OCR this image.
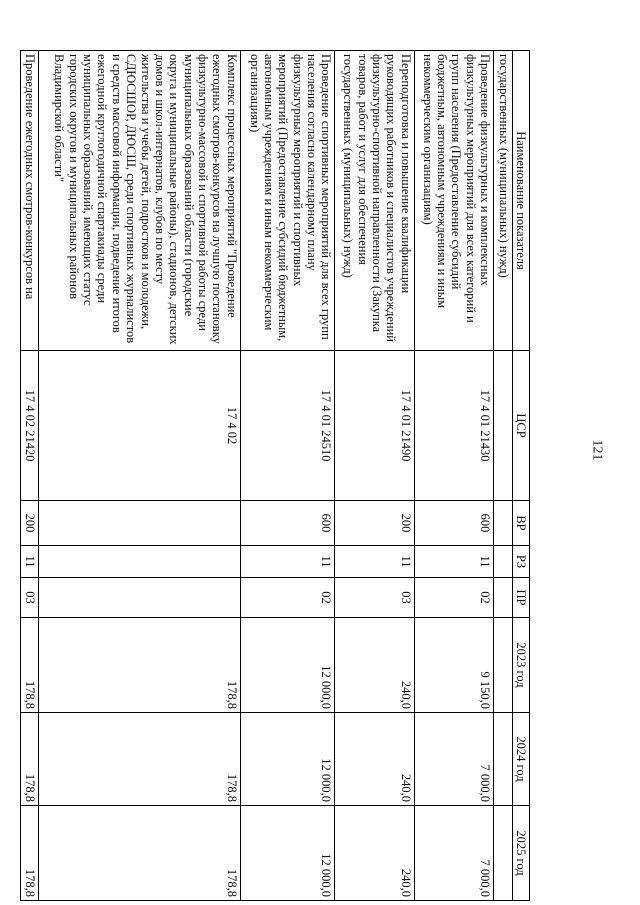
121
Наименование показателя	ЦСР	ВР	РЗ	ПР	2023 год	2024 год	2025 год
государственных (муниципальных) нужд)							
Проведение физкультурных и комплексных физкультурных мероприятий для всех категорий и групп населения (Предоставление субсидий бюджетным, автономным учреждениям и иным некоммерческим организациям)	17 4 01 21430	600	11	02	9 150,0	7 000,0	7 000,0
Переподготовка и повышение квалификации руководящих работников и специалистов учреждений физкультурно-спортивной направленности (Закупка товаров, работ и услуг для обеспечения государственных (муниципальных) нужд)	17 4 01 21490	200	11	03	240,0	240,0	240,0
Проведение спортивных мероприятий для всех групп населения согласно календарному плану физкультурных мероприятий и спортивных мероприятий (Предоставление субсидий бюджетным, автономным учреждениям и иным некоммерческим организациям)	17 4 01 24510	600	11	02	12 000,0	12 000,0	12 000,0
Комплекс процессных мероприятий "Проведение ежегодных смотров-конкурсов на лучшую постановку физкультурно-массовой и спортивной работы среди муниципальных образований области (городские округа и муниципальные районы), стадионов, детских домов и школ-интернатов, клубов по месту жительства и учебы детей, подростков и молодежи, СДЮСШОР, ДЮСШ, среди спортивных журналистов и средств массовой информации, подведение итогов ежегодной круглогодичной спартакиады среди муниципальных образований, имеющих статус городских округов и муниципальных районов Владимирской области"	17 4 02				178,8	178,8	178,8
Проведение ежегодных смотров-конкурсов на	17 4 02 21420	200	11	03	178,8	178,8	178,8
